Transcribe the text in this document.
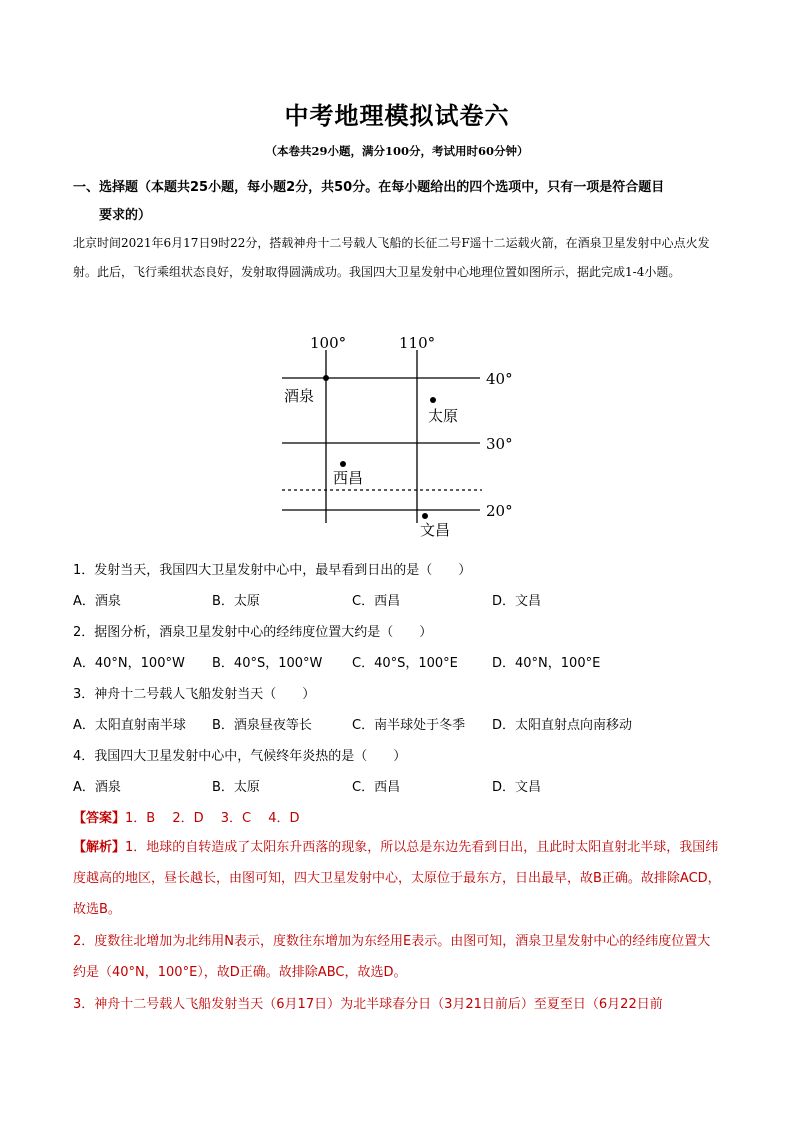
中考地理模拟试卷六
（本卷共29小题，满分100分，考试用时60分钟）
一、选择题（本题共25小题，每小题2分，共50分。在每小题给出的四个选项中，只有一项是符合题目
要求的）
北京时间2021年6月17日9时22分，搭载神舟十二号载人飞船的长征二号F遥十二运载火箭，在酒泉卫星发射中心点火发射。此后，飞行乘组状态良好，发射取得圆满成功。我国四大卫星发射中心地理位置如图所示，据此完成1-4小题。
100°	110°
40°
30°
20°
酒泉
太原
西昌
文昌
1．发射当天，我国四大卫星发射中心中，最早看到日出的是（　　）
A．酒泉	B．太原	C．西昌	D．文昌
2．据图分析，酒泉卫星发射中心的经纬度位置大约是（　　）
A．40°N，100°W B．40°S，100°W C．40°S，100°E	D．40°N，100°E
3．神舟十二号载人飞船发射当天（　　）
A．太阳直射南半球 B．酒泉昼夜等长	C．南半球处于冬季 D．太阳直射点向南移动
4．我国四大卫星发射中心中，气候终年炎热的是（　　）
A．酒泉	B．太原	C．西昌	D．文昌
【答案】1．B　 2．D　 3．C　 4．D
【解析】1．地球的自转造成了太阳东升西落的现象，所以总是东边先看到日出，且此时太阳直射北半球，我国纬度越高的地区，昼长越长，由图可知，四大卫星发射中心，太原位于最东方，日出最早，故B正确。故排除ACD，故选B。
2．度数往北增加为北纬用N表示，度数往东增加为东经用E表示。由图可知，酒泉卫星发射中心的经纬度位置大约是（40°N，100°E），故D正确。故排除ABC，故选D。
3．神舟十二号载人飞船发射当天（6月17日）为北半球春分日（3月21日前后）至夏至日（6月22日前
